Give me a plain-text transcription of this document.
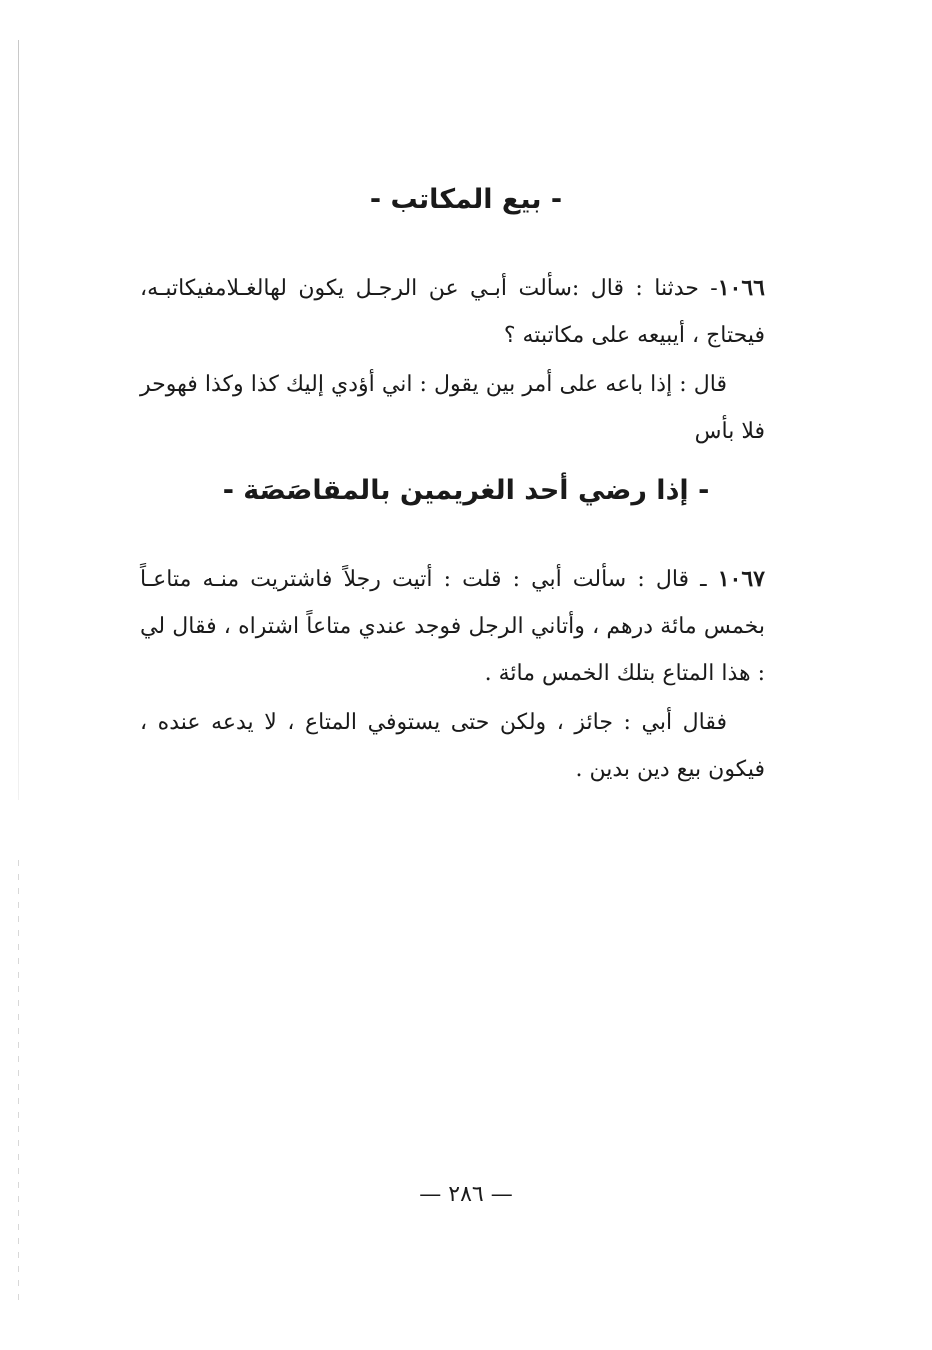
- بيع المكاتب -

١٠٦٦- حدثنا : قال :سألت أبـي عن الرجـل يكون لهالغـلامفيكاتبـه، فيحتاج ، أيبيعه على مكاتبته ؟

قال : إذا باعه على أمر بين يقول : اني أؤدي إليك كذا وكذا فهوحر فلا بأس

- إذا رضي أحد الغريمين بالمقاصَصَة -

١٠٦٧ ـ قال : سألت أبي : قلت : أتيت رجلاً فاشتريت منـه متاعـاً بخمس مائة درهم ، وأتاني الرجل فوجد عندي متاعاً اشتراه ، فقال لي : هذا المتاع بتلك الخمس مائة .

فقال أبي : جائز ، ولكن حتى يستوفي المتاع ، لا يدعه عنده ، فيكون بيع دين بدين .

— ٢٨٦ —
